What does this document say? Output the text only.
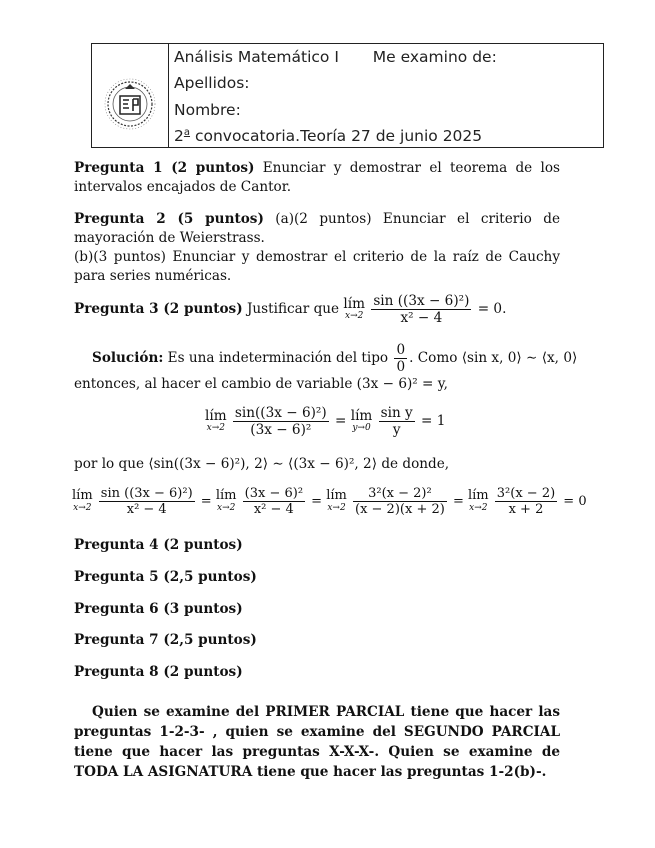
Análisis Matemático I Me examino de:
Apellidos:
Nombre:
2$^a$ convocatoria.Teoría 27 de junio 2025
Pregunta 1 (2 puntos) Enunciar y demostrar el teorema de los intervalos encajados de Cantor.
Pregunta 2 (5 puntos) (a)(2 puntos) Enunciar el criterio de mayoración de Weierstrass.
(b)(3 puntos) Enunciar y demostrar el criterio de la raíz de Cauchy para series numéricas.
Pregunta 3 (2 puntos) Justificar que lím
x→2
$\frac{\text{sin ((3x − 6)²)}}{\text{x² − 4}} = 0$.
Solución: Es una indeterminación del tipo $\frac{0}{0}$ . Como ⟨sin x, 0⟩ ∼ ⟨x, 0⟩
entonces, al hacer el cambio de variable (3x − 6)² = y,
lím
x→2
$\frac{\text{sin((3x − 6)²)}}{\text{(3x − 6)²}}$ = lím
y→0
$\frac{\text{sin y}}{y} = 1$
por lo que ⟨sin((3x − 6)²), 2⟩ ∼ ⟨(3x − 6)², 2⟩ de donde,
lím
x→2
$\frac{\text{sin ((3x − 6)²)}}{\text{x² − 4}}$ = lím
x→2
$\frac{\text{(3x − 6)²}}{\text{x² − 4}}$ = lím
x→2
$\frac{\text{3²(x − 2)²}}{(x - 2)(x + 2)}$ = lím
x→2
$\frac{\text{3²(x − 2)}}{x + 2} = 0$
Pregunta 4 (2 puntos)
Pregunta 5 (2,5 puntos)
Pregunta 6 (3 puntos)
Pregunta 7 (2,5 puntos)
Pregunta 8 (2 puntos)
Quien se examine del PRIMER PARCIAL tiene que hacer las preguntas 1-2-3- , quien se examine del SEGUNDO PARCIAL tiene que hacer las preguntas X-X-X-. Quien se examine de TODA LA ASIGNATURA tiene que hacer las preguntas 1-2(b)-.
